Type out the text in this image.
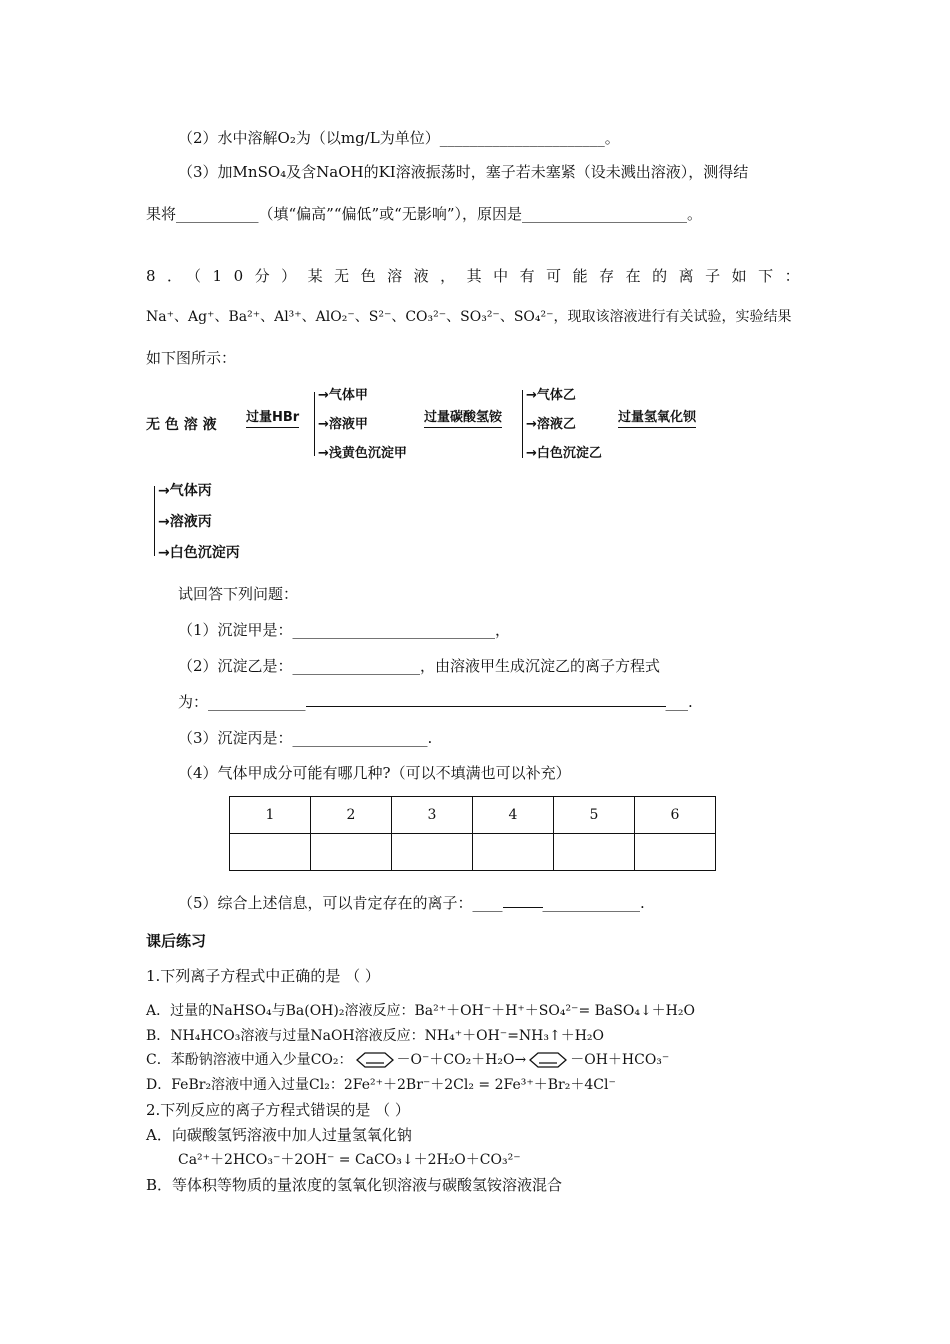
（2）水中溶解O₂为（以mg/L为单位）______________________。
（3）加MnSO₄及含NaOH的KI溶液振荡时，塞子若未塞紧（设未溅出溶液），测得结
果将___________（填“偏高”“偏低”或“无影响”），原因是______________________。
8．（10分）某无色溶液，其中有可能存在的离子如下：
Na⁺、Ag⁺、Ba²⁺、Al³⁺、AlO₂⁻、S²⁻、CO₃²⁻、SO₃²⁻、SO₄²⁻，现取该溶液进行有关试验，实验结果
如下图所示：
无 色 溶 液 过量HBr
→气体甲
→溶液甲
→浅黄色沉淀甲
过量碳酸氢铵
→气体乙
→溶液乙
→白色沉淀乙
过量氢氧化钡
→气体丙
→溶液丙
→白色沉淀丙
试回答下列问题：
（1）沉淀甲是：___________________________，
（2）沉淀乙是：_________________，由溶液甲生成沉淀乙的离子方程式
为：_____________	___.
（3）沉淀丙是：__________________.
（4）气体甲成分可能有哪几种?（可以不填满也可以补充）
1	2	3	4	5	6

（5）综合上述信息，可以肯定存在的离子：____	_____________.
课后练习
1.下列离子方程式中正确的是 （ ）
A．过量的NaHSO₄与Ba(OH)₂溶液反应：Ba²⁺＋OH⁻＋H⁺＋SO₄²⁻= BaSO₄↓＋H₂O
B．NH₄HCO₃溶液与过量NaOH溶液反应：NH₄⁺＋OH⁻=NH₃↑＋H₂O
C．苯酚钠溶液中通入少量CO₂：	－O⁻＋CO₂＋H₂O→	－OH＋HCO₃⁻
D．FeBr₂溶液中通入过量Cl₂：2Fe²⁺＋2Br⁻＋2Cl₂ = 2Fe³⁺＋Br₂＋4Cl⁻
2.下列反应的离子方程式错误的是 （ ）
A．向碳酸氢钙溶液中加人过量氢氧化钠
Ca²⁺＋2HCO₃⁻＋2OH⁻ = CaCO₃↓＋2H₂O＋CO₃²⁻
B．等体积等物质的量浓度的氢氧化钡溶液与碳酸氢铵溶液混合
